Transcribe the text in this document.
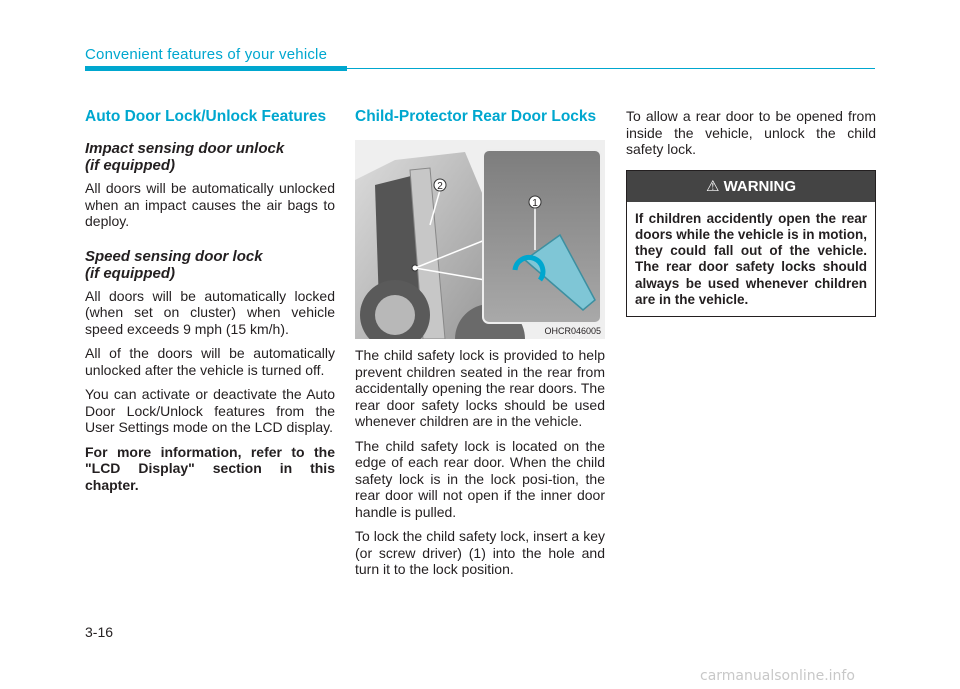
Convenient features of your vehicle
Auto Door Lock/Unlock Features
Impact sensing door unlock
(if equipped)

All doors will be automatically unlocked when an impact causes the air bags to deploy.

Speed sensing door lock
(if equipped)

All doors will be automatically locked (when set on cluster) when vehicle speed exceeds 9 mph (15 km/h).

All of the doors will be automatically unlocked after the vehicle is turned off.

You can activate or deactivate the Auto Door Lock/Unlock features from the User Settings mode on the LCD display.

For more information, refer to the "LCD Display" section in this chapter.

Child-Protector Rear Door Locks
1
2
OHCR046005

The child safety lock is provided to help prevent children seated in the rear from accidentally opening the rear doors. The rear door safety locks should be used whenever children are in the vehicle.

The child safety lock is located on the edge of each rear door. When the child safety lock is in the lock posi-tion, the rear door will not open if the inner door handle is pulled.

To lock the child safety lock, insert a key (or screw driver) (1) into the hole and turn it to the lock position.

To allow a rear door to be opened from inside the vehicle, unlock the child safety lock.

⚠ WARNING
If children accidently open the rear doors while the vehicle is in motion, they could fall out of the vehicle. The rear door safety locks should always be used whenever children are in the vehicle.
3-16
carmanualsonline.info
